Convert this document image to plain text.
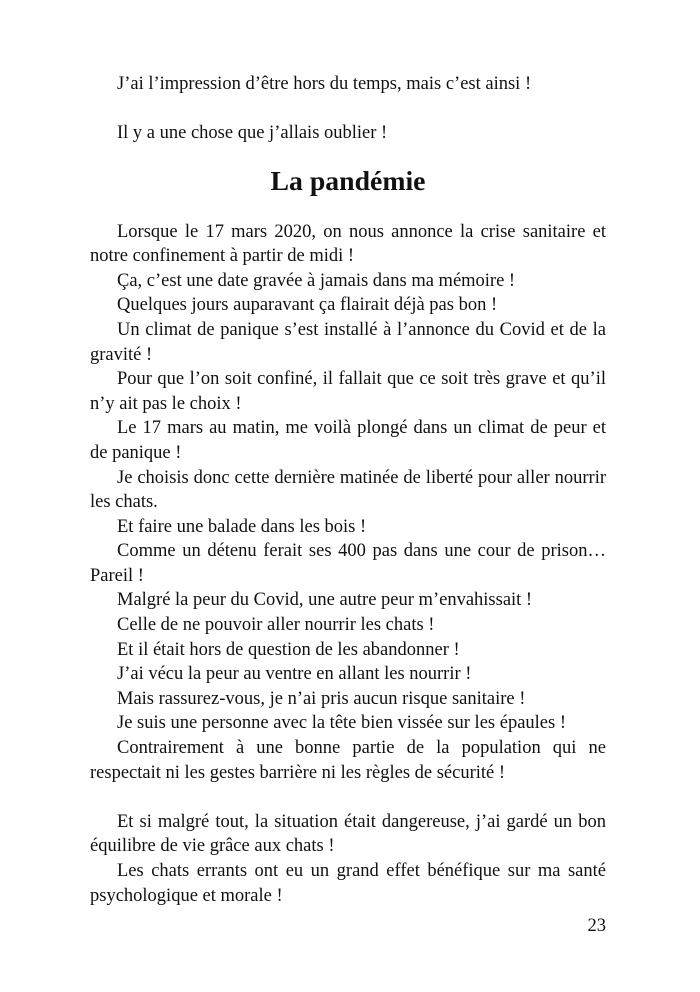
J’ai l’impression d’être hors du temps, mais c’est ainsi !

Il y a une chose que j’allais oublier !

La pandémie

Lorsque le 17 mars 2020, on nous annonce la crise sanitaire et notre confinement à partir de midi !

Ça, c’est une date gravée à jamais dans ma mémoire !

Quelques jours auparavant ça flairait déjà pas bon !

Un climat de panique s’est installé à l’annonce du Covid et de la gravité !

Pour que l’on soit confiné, il fallait que ce soit très grave et qu’il n’y ait pas le choix !

Le 17 mars au matin, me voilà plongé dans un climat de peur et de panique !

Je choisis donc cette dernière matinée de liberté pour aller nourrir les chats.

Et faire une balade dans les bois !

Comme un détenu ferait ses 400 pas dans une cour de prison… Pareil !

Malgré la peur du Covid, une autre peur m’envahissait !

Celle de ne pouvoir aller nourrir les chats !

Et il était hors de question de les abandonner !

J’ai vécu la peur au ventre en allant les nourrir !

Mais rassurez-vous, je n’ai pris aucun risque sanitaire !

Je suis une personne avec la tête bien vissée sur les épaules !

Contrairement à une bonne partie de la population qui ne respectait ni les gestes barrière ni les règles de sécurité !

Et si malgré tout, la situation était dangereuse, j’ai gardé un bon équilibre de vie grâce aux chats !

Les chats errants ont eu un grand effet bénéfique sur ma santé psychologique et morale !

23
